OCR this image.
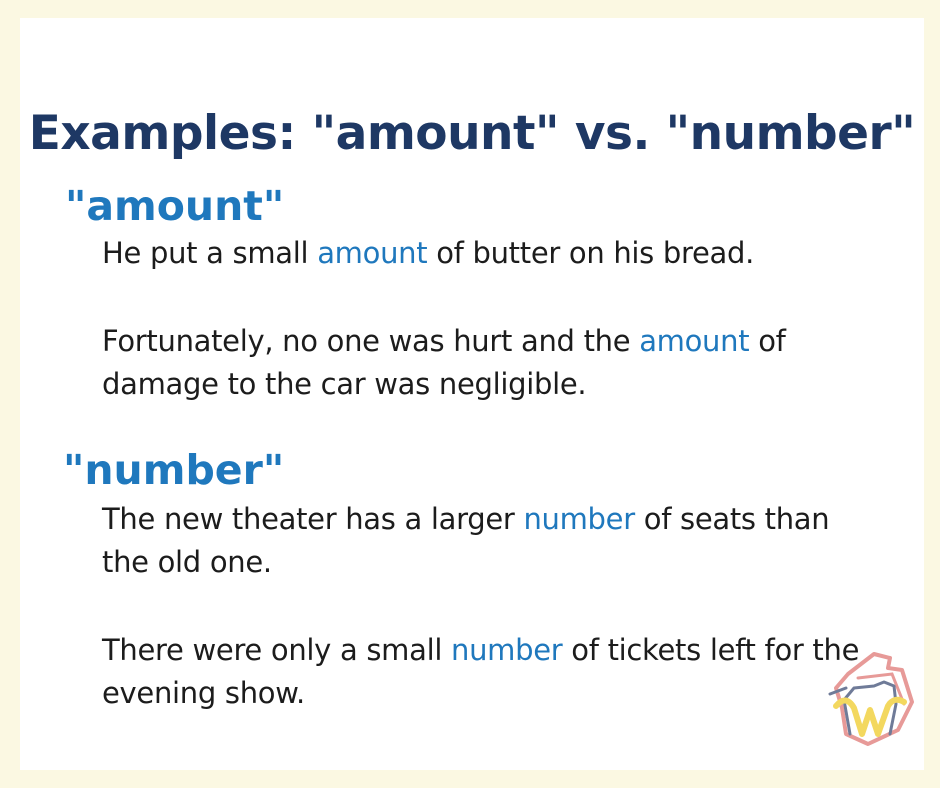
Examples: "amount" vs. "number"
"amount"

He put a small amount of butter on his bread.

Fortunately, no one was hurt and the amount of damage to the car was negligible.

"number"

The new theater has a larger number of seats than the old one.

There were only a small number of tickets left for the evening show.
